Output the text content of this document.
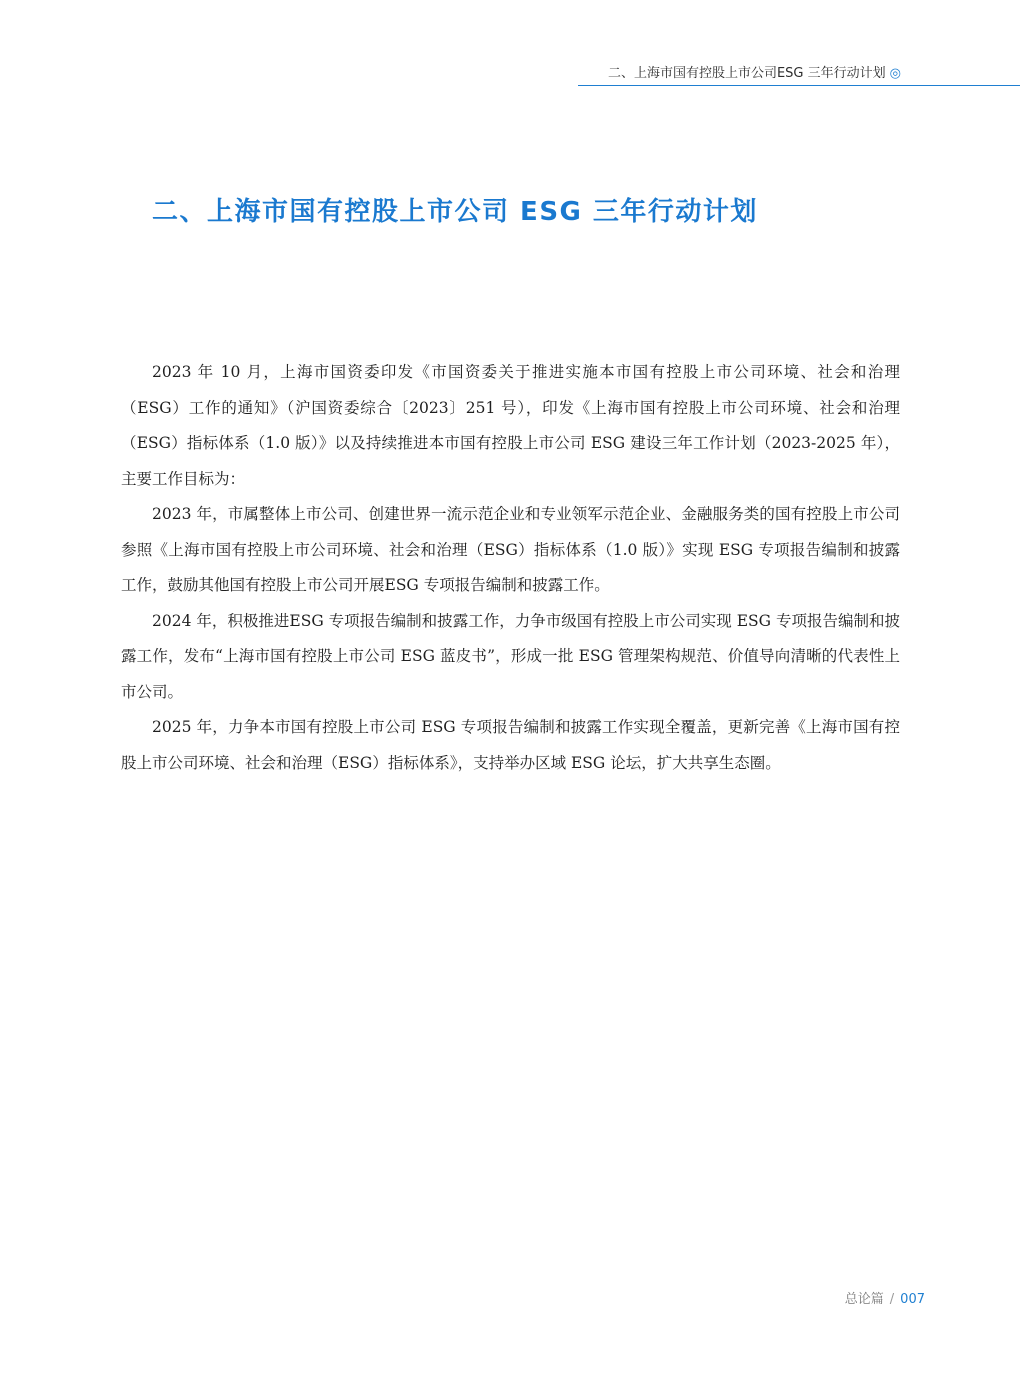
二、上海市国有控股上市公司ESG 三年行动计划 ◎
二、上海市国有控股上市公司 ESG 三年行动计划

2023 年 10 月，上海市国资委印发《市国资委关于推进实施本市国有控股上市公司环境、社会和治理（ESG）工作的通知》（沪国资委综合〔2023〕251 号），印发《上海市国有控股上市公司环境、社会和治理（ESG）指标体系（1.0 版）》以及持续推进本市国有控股上市公司 ESG 建设三年工作计划（2023-2025 年），主要工作目标为：

2023 年，市属整体上市公司、创建世界一流示范企业和专业领军示范企业、金融服务类的国有控股上市公司参照《上海市国有控股上市公司环境、社会和治理（ESG）指标体系（1.0 版）》实现 ESG 专项报告编制和披露工作，鼓励其他国有控股上市公司开展ESG 专项报告编制和披露工作。

2024 年，积极推进ESG 专项报告编制和披露工作，力争市级国有控股上市公司实现 ESG 专项报告编制和披露工作，发布“上海市国有控股上市公司 ESG 蓝皮书”，形成一批 ESG 管理架构规范、价值导向清晰的代表性上市公司。

2025 年，力争本市国有控股上市公司 ESG 专项报告编制和披露工作实现全覆盖，更新完善《上海市国有控股上市公司环境、社会和治理（ESG）指标体系》，支持举办区域 ESG 论坛，扩大共享生态圈。

总论篇 / 007
